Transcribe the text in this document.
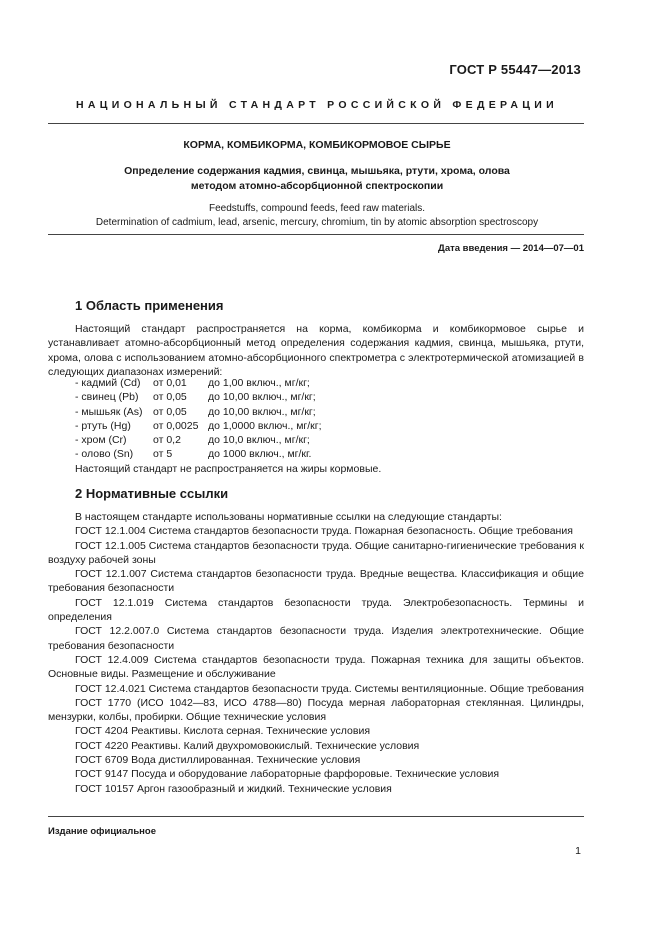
ГОСТ Р 55447—2013
НАЦИОНАЛЬНЫЙ СТАНДАРТ РОССИЙСКОЙ ФЕДЕРАЦИИ
КОРМА, КОМБИКОРМА, КОМБИКОРМОВОЕ СЫРЬЕ
Определение содержания кадмия, свинца, мышьяка, ртути, хрома, олова
методом атомно-абсорбционной спектроскопии
Feedstuffs, compound feeds, feed raw materials.
Determination of cadmium, lead, arsenic, mercury, chromium, tin by atomic absorption spectroscopy
Дата введения — 2014—07—01
1 Область применения
Настоящий стандарт распространяется на корма, комбикорма и комбикормовое сырье и устанавливает атомно-абсорбционный метод определения содержания кадмия, свинца, мышьяка, ртути, хрома, олова с использованием атомно-абсорбционного спектрометра с электротермической атомизацией в следующих диапазонах измерений:
- кадмий (Cd) от 0,01 до 1,00 включ., мг/кг;
- свинец (Pb) от 0,05 до 10,00 включ., мг/кг;
- мышьяк (As) от 0,05 до 10,00 включ., мг/кг;
- ртуть (Hg) от 0,0025 до 1,0000 включ., мг/кг;
- хром (Cr)	от 0,2	до 10,0 включ., мг/кг;
- олово (Sn) от 5	до 1000 включ., мг/кг.
Настоящий стандарт не распространяется на жиры кормовые.
2 Нормативные ссылки
В настоящем стандарте использованы нормативные ссылки на следующие стандарты:
ГОСТ 12.1.004 Система стандартов безопасности труда. Пожарная безопасность. Общие требования
ГОСТ 12.1.005 Система стандартов безопасности труда. Общие санитарно-гигиенические требования к воздуху рабочей зоны
ГОСТ 12.1.007 Система стандартов безопасности труда. Вредные вещества. Классификация и общие требования безопасности
ГОСТ 12.1.019 Система стандартов безопасности труда. Электробезопасность. Термины и определения
ГОСТ 12.2.007.0 Система стандартов безопасности труда. Изделия электротехнические. Общие требования безопасности
ГОСТ 12.4.009 Система стандартов безопасности труда. Пожарная техника для защиты объектов. Основные виды. Размещение и обслуживание
ГОСТ 12.4.021 Система стандартов безопасности труда. Системы вентиляционные. Общие требования
ГОСТ 1770 (ИСО 1042—83, ИСО 4788—80) Посуда мерная лабораторная стеклянная. Цилиндры, мензурки, колбы, пробирки. Общие технические условия
ГОСТ 4204 Реактивы. Кислота серная. Технические условия
ГОСТ 4220 Реактивы. Калий двухромовокислый. Технические условия
ГОСТ 6709 Вода дистиллированная. Технические условия
ГОСТ 9147 Посуда и оборудование лабораторные фарфоровые. Технические условия
ГОСТ 10157 Аргон газообразный и жидкий. Технические условия
Издание официальное
1
